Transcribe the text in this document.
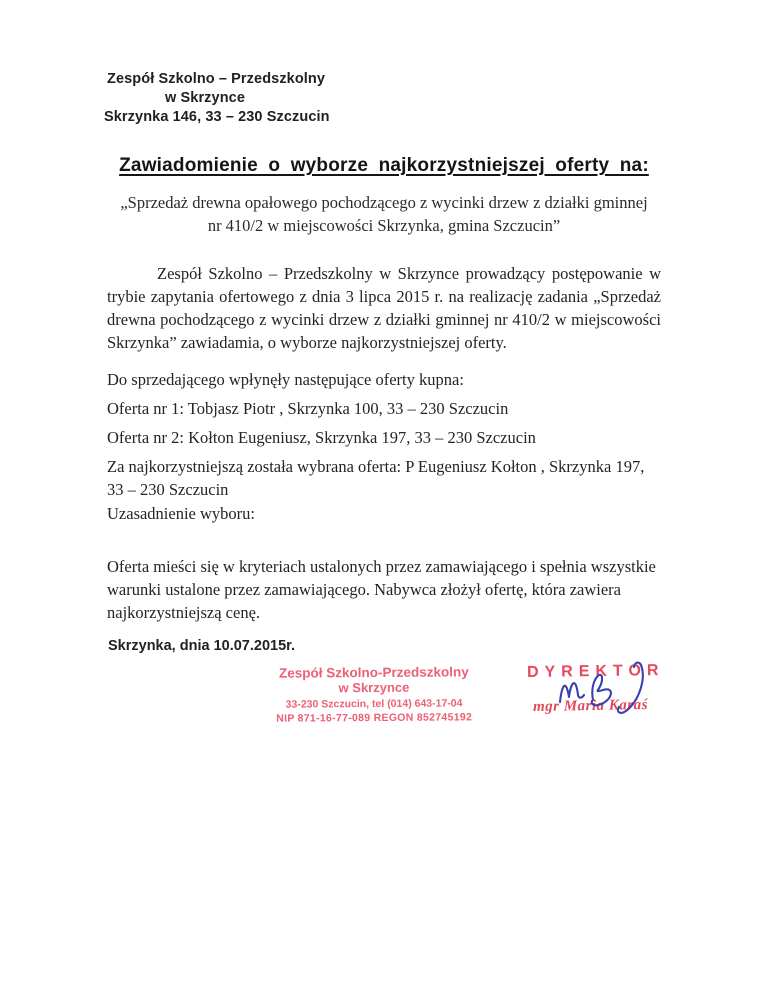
Zespół Szkolno – Przedszkolny
w Skrzynce
Skrzynka 146, 33 – 230 Szczucin
Zawiadomienie o wyborze najkorzystniejszej oferty na:
„Sprzedaż drewna opałowego pochodzącego z wycinki drzew z działki gminnej
nr 410/2 w miejscowości Skrzynka, gmina Szczucin”

Zespół Szkolno – Przedszkolny w Skrzynce prowadzący postępowanie w trybie zapytania ofertowego z dnia 3 lipca 2015 r. na realizację zadania „Sprzedaż drewna pochodzącego z wycinki drzew z działki gminnej nr 410/2 w miejscowości Skrzynka” zawiadamia, o wyborze najkorzystniejszej oferty.

Do sprzedającego wpłynęły następujące oferty kupna:

Oferta nr 1: Tobjasz Piotr , Skrzynka 100, 33 – 230 Szczucin

Oferta nr 2: Kołton Eugeniusz, Skrzynka 197, 33 – 230 Szczucin

Za najkorzystniejszą została wybrana oferta: P Eugeniusz Kołton , Skrzynka 197, 33 – 230 Szczucin

Uzasadnienie wyboru:

Oferta mieści się w kryteriach ustalonych przez zamawiającego i spełnia wszystkie warunki ustalone przez zamawiającego. Nabywca złożył ofertę, która zawiera najkorzystniejszą cenę.

Skrzynka, dnia 10.07.2015r.
Zespół Szkolno-Przedszkolny
w Skrzynce
33-230 Szczucin, tel (014) 643-17-04
NIP 871-16-77-089 REGON 852745192
DYREKTOR
mgr Maria Karaś
